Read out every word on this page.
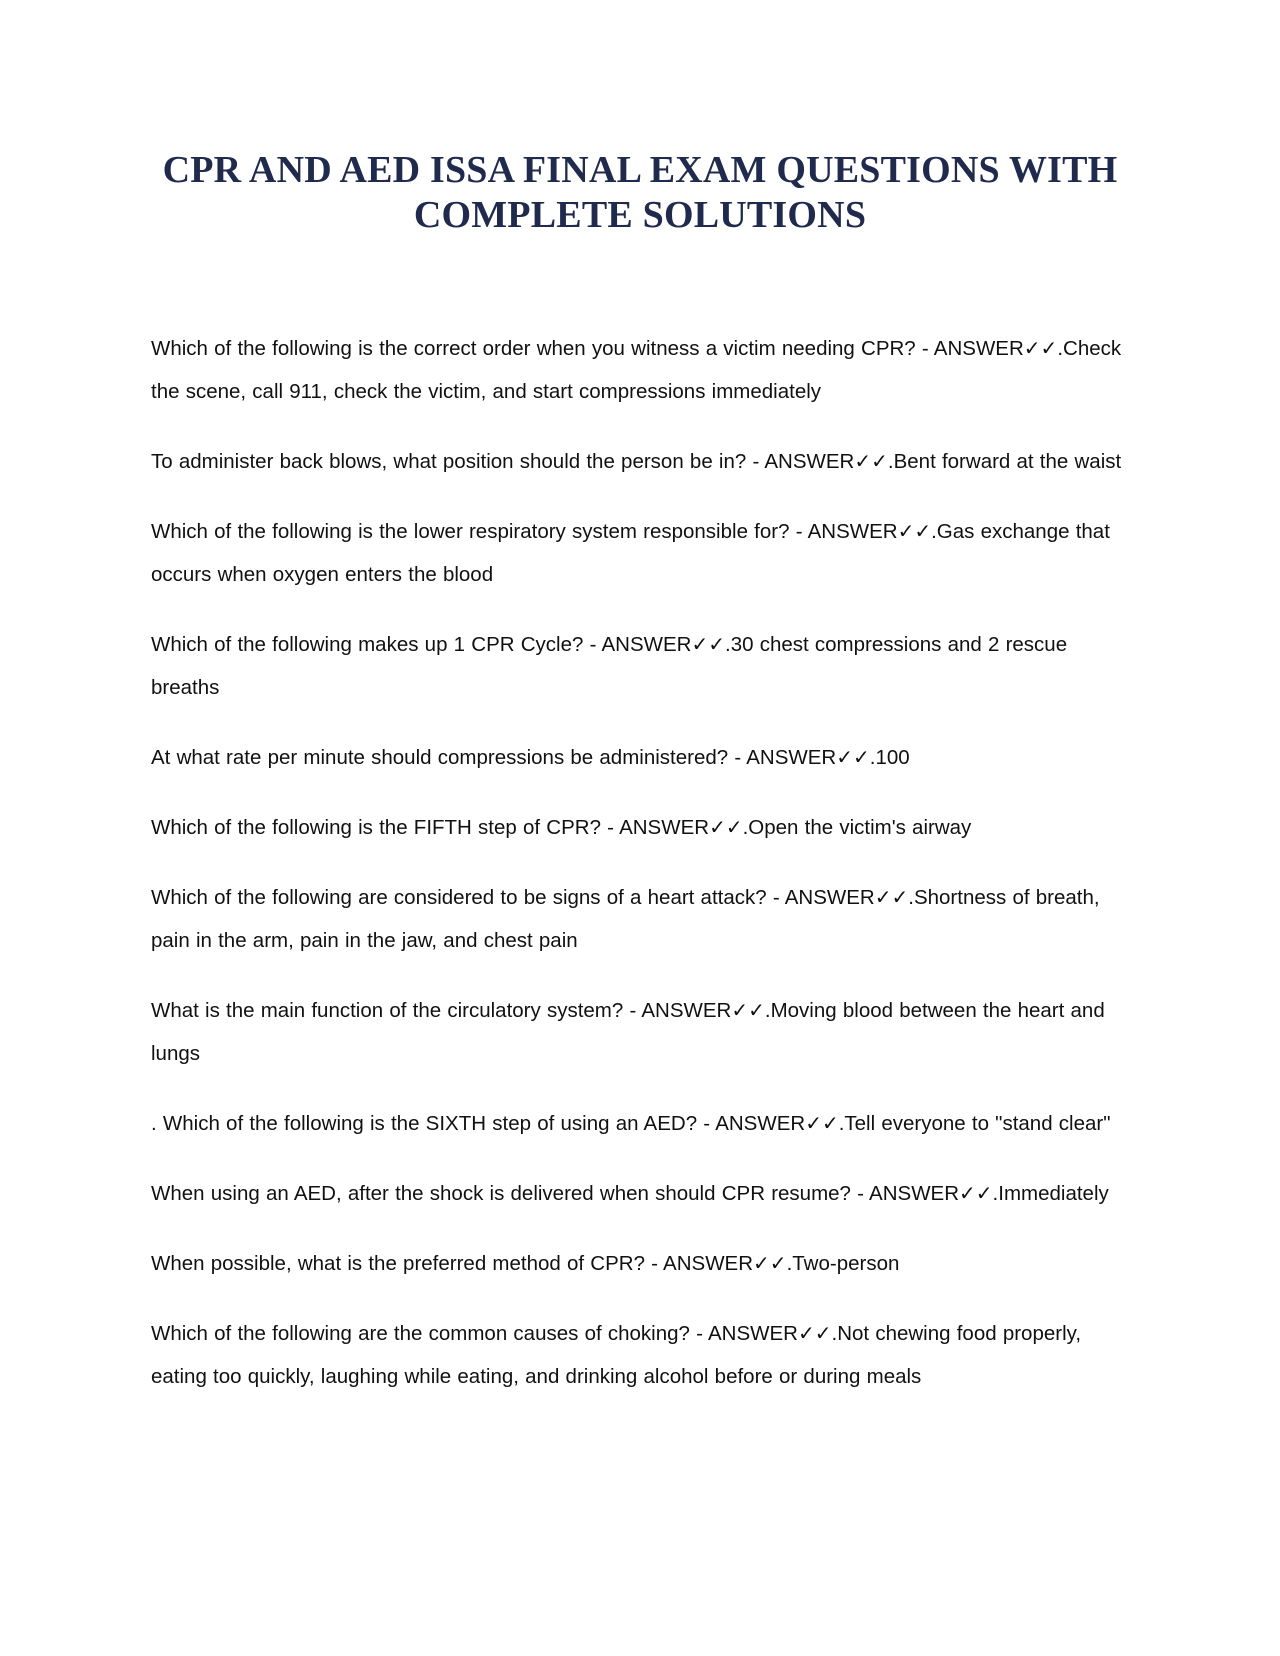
CPR AND AED ISSA FINAL EXAM QUESTIONS WITH COMPLETE SOLUTIONS
Which of the following is the correct order when you witness a victim needing CPR? - ANSWER✓✓.Check the scene, call 911, check the victim, and start compressions immediately
To administer back blows, what position should the person be in? - ANSWER✓✓.Bent forward at the waist
Which of the following is the lower respiratory system responsible for? - ANSWER✓✓.Gas exchange that occurs when oxygen enters the blood
Which of the following makes up 1 CPR Cycle? - ANSWER✓✓.30 chest compressions and 2 rescue breaths
At what rate per minute should compressions be administered? - ANSWER✓✓.100
Which of the following is the FIFTH step of CPR? - ANSWER✓✓.Open the victim's airway
Which of the following are considered to be signs of a heart attack? - ANSWER✓✓.Shortness of breath, pain in the arm, pain in the jaw, and chest pain
What is the main function of the circulatory system? - ANSWER✓✓.Moving blood between the heart and lungs
. Which of the following is the SIXTH step of using an AED? - ANSWER✓✓.Tell everyone to "stand clear"
When using an AED, after the shock is delivered when should CPR resume? - ANSWER✓✓.Immediately
When possible, what is the preferred method of CPR? - ANSWER✓✓.Two-person
Which of the following are the common causes of choking? - ANSWER✓✓.Not chewing food properly, eating too quickly, laughing while eating, and drinking alcohol before or during meals
